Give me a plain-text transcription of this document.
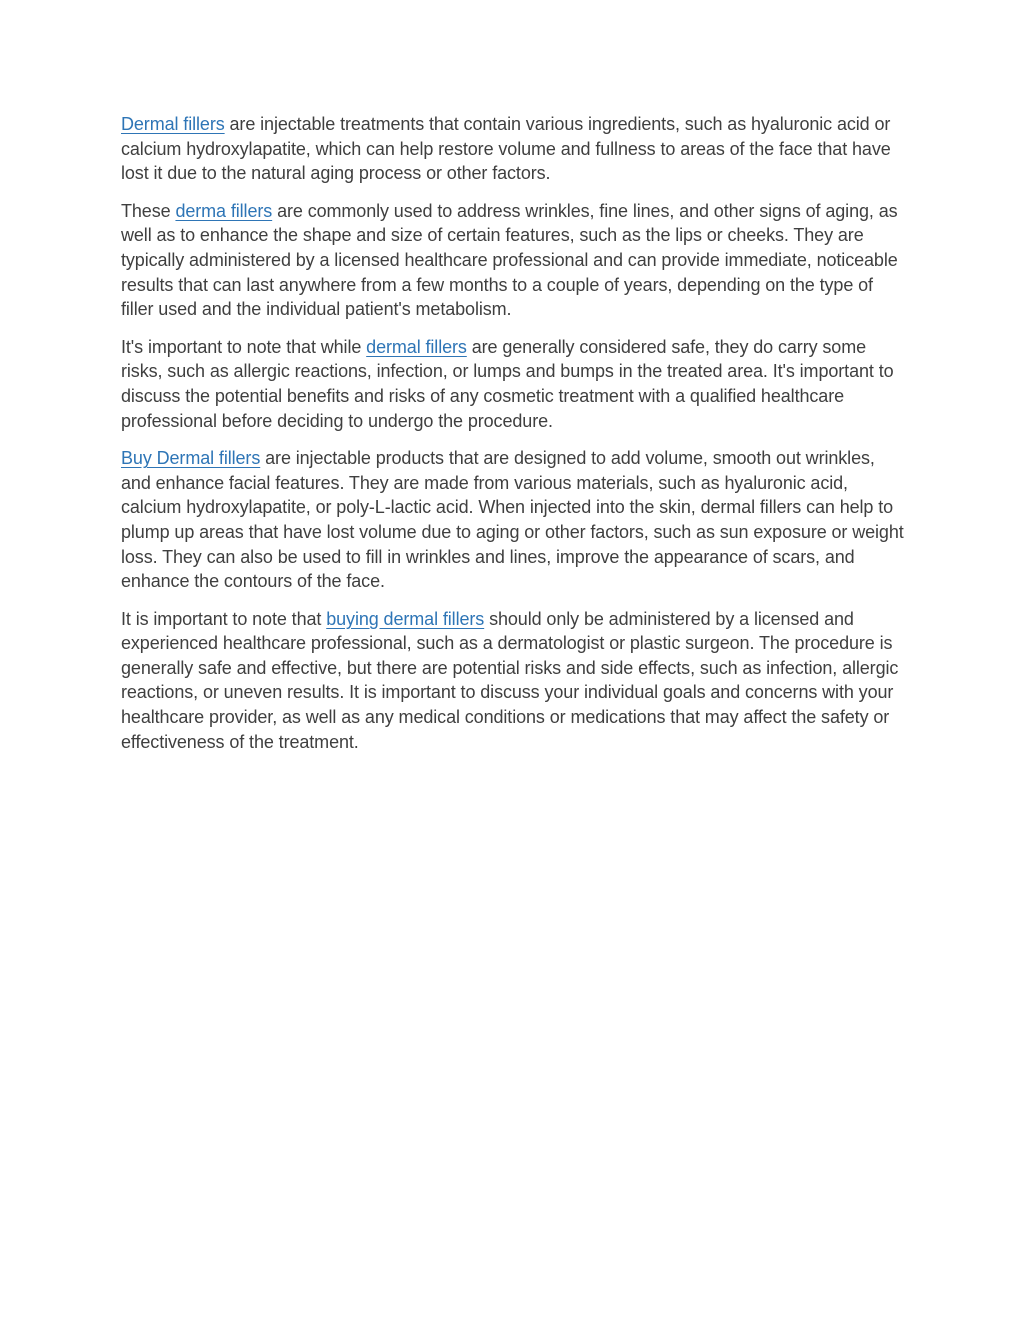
Dermal fillers are injectable treatments that contain various ingredients, such as hyaluronic acid or calcium hydroxylapatite, which can help restore volume and fullness to areas of the face that have lost it due to the natural aging process or other factors.

These derma fillers are commonly used to address wrinkles, fine lines, and other signs of aging, as well as to enhance the shape and size of certain features, such as the lips or cheeks. They are typically administered by a licensed healthcare professional and can provide immediate, noticeable results that can last anywhere from a few months to a couple of years, depending on the type of filler used and the individual patient's metabolism.

It's important to note that while dermal fillers are generally considered safe, they do carry some risks, such as allergic reactions, infection, or lumps and bumps in the treated area. It's important to discuss the potential benefits and risks of any cosmetic treatment with a qualified healthcare professional before deciding to undergo the procedure.

Buy Dermal fillers are injectable products that are designed to add volume, smooth out wrinkles, and enhance facial features. They are made from various materials, such as hyaluronic acid, calcium hydroxylapatite, or poly-L-lactic acid. When injected into the skin, dermal fillers can help to plump up areas that have lost volume due to aging or other factors, such as sun exposure or weight loss. They can also be used to fill in wrinkles and lines, improve the appearance of scars, and enhance the contours of the face.

It is important to note that buying dermal fillers should only be administered by a licensed and experienced healthcare professional, such as a dermatologist or plastic surgeon. The procedure is generally safe and effective, but there are potential risks and side effects, such as infection, allergic reactions, or uneven results. It is important to discuss your individual goals and concerns with your healthcare provider, as well as any medical conditions or medications that may affect the safety or effectiveness of the treatment.
